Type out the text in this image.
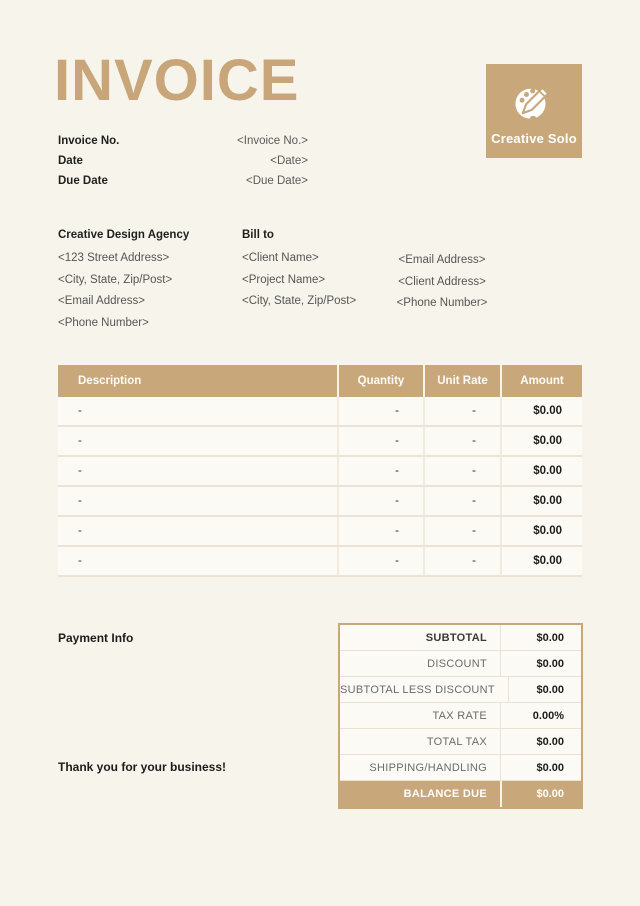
INVOICE
Creative Solo
Invoice No.	<Invoice No.>
Date	<Date>
Due Date	<Due Date>
Creative Design Agency
<123 Street Address>
<City, State, Zip/Post>
<Email Address>
<Phone Number>
Bill to
<Client Name>
<Project Name>
<City, State, Zip/Post>
<Email Address>
<Client Address>
<Phone Number>
Description	Quantity	Unit Rate	Amount
-	-	-	$0.00
-	-	-	$0.00
-	-	-	$0.00
-	-	-	$0.00
-	-	-	$0.00
-	-	-	$0.00
Payment Info
Thank you for your business!
SUBTOTAL	$0.00
DISCOUNT	$0.00
SUBTOTAL LESS DISCOUNT	$0.00
TAX RATE	0.00%
TOTAL TAX	$0.00
SHIPPING/HANDLING	$0.00
BALANCE DUE	$0.00
